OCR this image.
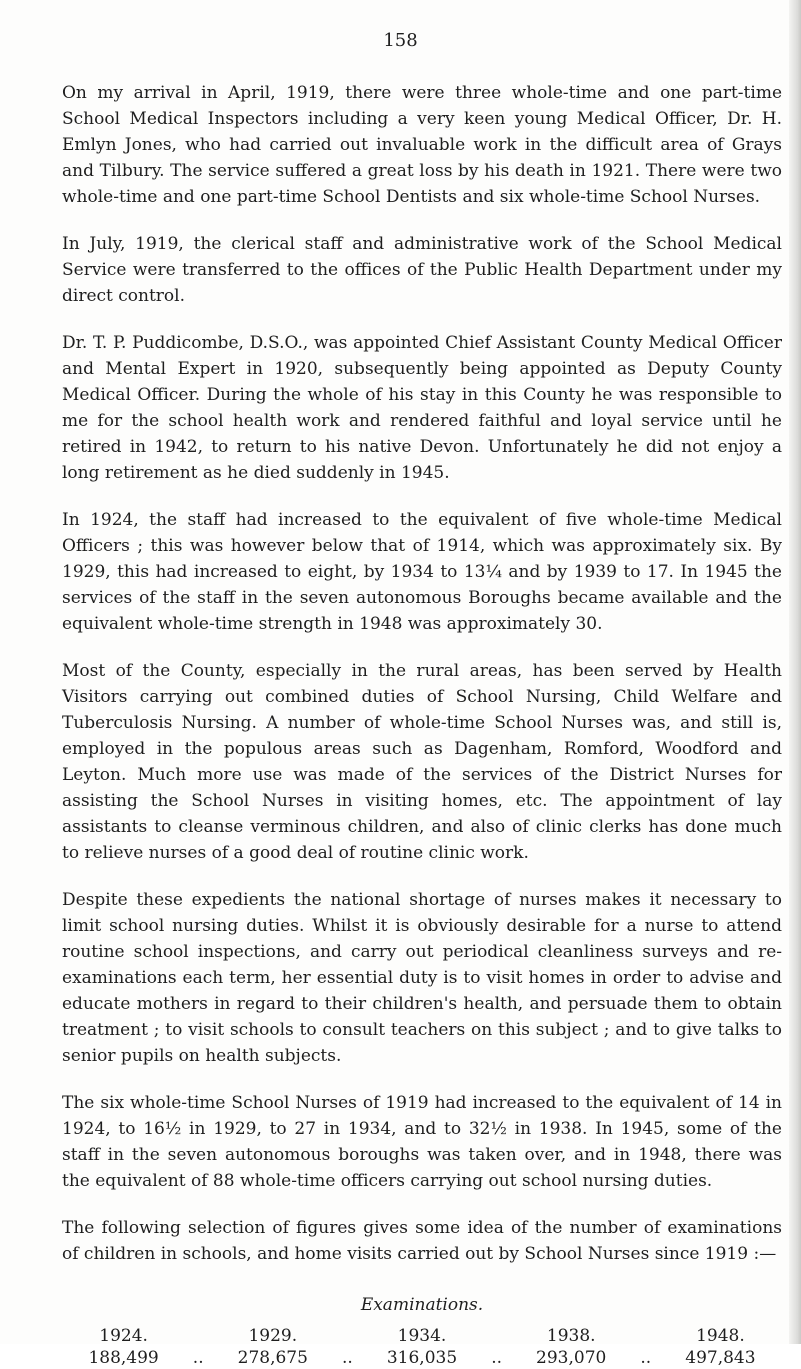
158

On my arrival in April, 1919, there were three whole-time and one part-time School Medical Inspectors including a very keen young Medical Officer, Dr. H. Emlyn Jones, who had carried out invaluable work in the difficult area of Grays and Tilbury. The service suffered a great loss by his death in 1921. There were two whole-time and one part-time School Dentists and six whole-time School Nurses.

In July, 1919, the clerical staff and administrative work of the School Medical Service were transferred to the offices of the Public Health Department under my direct control.

Dr. T. P. Puddicombe, D.S.O., was appointed Chief Assistant County Medical Officer and Mental Expert in 1920, subsequently being appointed as Deputy County Medical Officer. During the whole of his stay in this County he was responsible to me for the school health work and rendered faithful and loyal service until he retired in 1942, to return to his native Devon. Unfortunately he did not enjoy a long retirement as he died suddenly in 1945.

In 1924, the staff had increased to the equivalent of five whole-time Medical Officers ; this was however below that of 1914, which was approximately six. By 1929, this had increased to eight, by 1934 to 13¼ and by 1939 to 17. In 1945 the services of the staff in the seven autonomous Boroughs became available and the equivalent whole-time strength in 1948 was approximately 30.

Most of the County, especially in the rural areas, has been served by Health Visitors carrying out combined duties of School Nursing, Child Welfare and Tuberculosis Nursing. A number of whole-time School Nurses was, and still is, employed in the populous areas such as Dagenham, Romford, Woodford and Leyton. Much more use was made of the services of the District Nurses for assisting the School Nurses in visiting homes, etc. The appointment of lay assistants to cleanse verminous children, and also of clinic clerks has done much to relieve nurses of a good deal of routine clinic work.

Despite these expedients the national shortage of nurses makes it necessary to limit school nursing duties. Whilst it is obviously desirable for a nurse to attend routine school inspections, and carry out periodical cleanliness surveys and re-examinations each term, her essential duty is to visit homes in order to advise and educate mothers in regard to their children's health, and persuade them to obtain treatment ; to visit schools to consult teachers on this subject ; and to give talks to senior pupils on health subjects.

The six whole-time School Nurses of 1919 had increased to the equivalent of 14 in 1924, to 16½ in 1929, to 27 in 1934, and to 32½ in 1938. In 1945, some of the staff in the seven autonomous boroughs was taken over, and in 1948, there was the equivalent of 88 whole-time officers carrying out school nursing duties.

The following selection of figures gives some idea of the number of examinations of children in schools, and home visits carried out by School Nurses since 1919 :—

Examinations.
1924.	1929.	1934.	1938.	1948.
188,499	..	278,675	..	316,035	..	293,070	..	497,843
